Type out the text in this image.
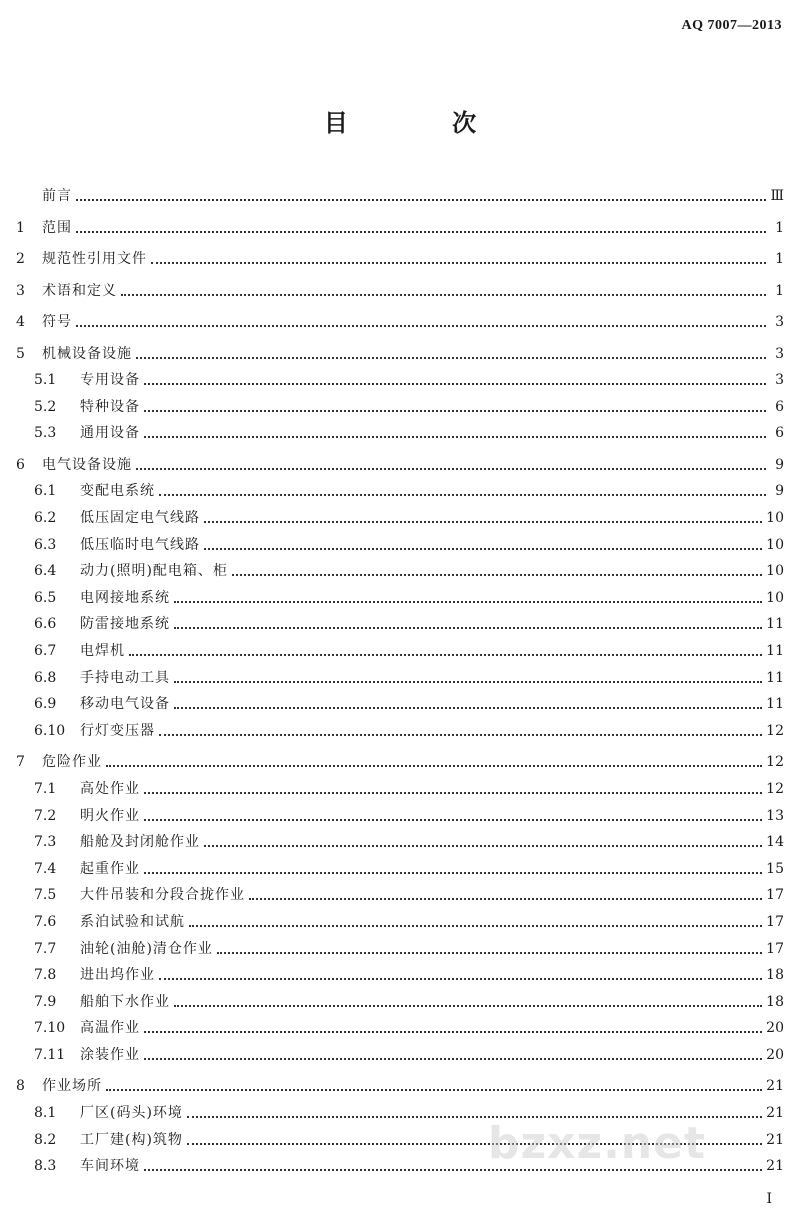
AQ 7007—2013
目 次
前言	Ⅲ
1	范围	1
2	规范性引用文件	1
3	术语和定义	1
4	符号	3
5	机械设备设施	3
5.1	专用设备	3
5.2	特种设备	6
5.3	通用设备	6
6	电气设备设施	9
6.1	变配电系统	9
6.2	低压固定电气线路	10
6.3	低压临时电气线路	10
6.4	动力(照明)配电箱、柜	10
6.5	电网接地系统	10
6.6	防雷接地系统	11
6.7	电焊机	11
6.8	手持电动工具	11
6.9	移动电气设备	11
6.10	行灯变压器	12
7	危险作业	12
7.1	高处作业	12
7.2	明火作业	13
7.3	船舱及封闭舱作业	14
7.4	起重作业	15
7.5	大件吊装和分段合拢作业	17
7.6	系泊试验和试航	17
7.7	油轮(油舱)清仓作业	17
7.8	进出坞作业	18
7.9	船舶下水作业	18
7.10	高温作业	20
7.11	涂装作业	20
8	作业场所	21
8.1	厂区(码头)环境	21
8.2	工厂建(构)筑物	21
8.3	车间环境	21
bzxz.net
I
